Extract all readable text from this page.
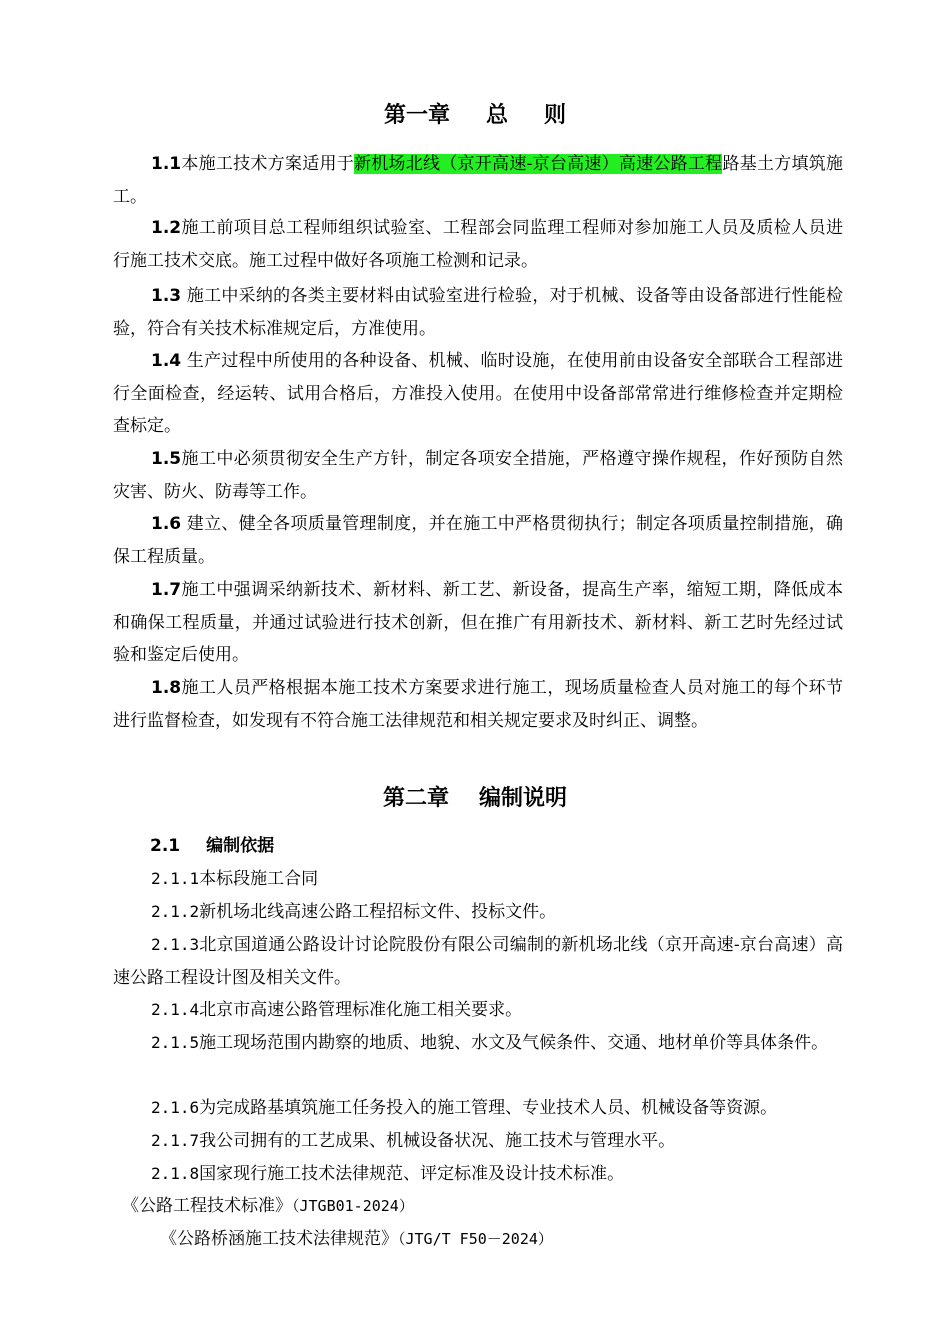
第一章 总 则
1.1本施工技术方案适用于新机场北线（京开高速-京台高速）高速公路工程路基土方填筑施工。
1.2施工前项目总工程师组织试验室、工程部会同监理工程师对参加施工人员及质检人员进行施工技术交底。施工过程中做好各项施工检测和记录。
1.3 施工中采纳的各类主要材料由试验室进行检验，对于机械、设备等由设备部进行性能检验，符合有关技术标准规定后，方准使用。
1.4 生产过程中所使用的各种设备、机械、临时设施，在使用前由设备安全部联合工程部进行全面检查，经运转、试用合格后，方准投入使用。在使用中设备部常常进行维修检查并定期检查标定。
1.5施工中必须贯彻安全生产方针，制定各项安全措施，严格遵守操作规程，作好预防自然灾害、防火、防毒等工作。
1.6 建立、健全各项质量管理制度，并在施工中严格贯彻执行；制定各项质量控制措施，确保工程质量。
1.7施工中强调采纳新技术、新材料、新工艺、新设备，提高生产率，缩短工期，降低成本和确保工程质量，并通过试验进行技术创新，但在推广有用新技术、新材料、新工艺时先经过试验和鉴定后使用。
1.8施工人员严格根据本施工技术方案要求进行施工，现场质量检查人员对施工的每个环节进行监督检查，如发现有不符合施工法律规范和相关规定要求及时纠正、调整。
第二章 编制说明
2.1 编制依据
2.1.1本标段施工合同
2.1.2新机场北线高速公路工程招标文件、投标文件。
2.1.3北京国道通公路设计讨论院股份有限公司编制的新机场北线（京开高速-京台高速）高速公路工程设计图及相关文件。
2.1.4北京市高速公路管理标准化施工相关要求。
2.1.5施工现场范围内勘察的地质、地貌、水文及气候条件、交通、地材单价等具体条件。
2.1.6为完成路基填筑施工任务投入的施工管理、专业技术人员、机械设备等资源。
2.1.7我公司拥有的工艺成果、机械设备状况、施工技术与管理水平。
2.1.8国家现行施工技术法律规范、评定标准及设计技术标准。
《公路工程技术标准》（JTGB01-2024）
《公路桥涵施工技术法律规范》（JTG/T F50－2024）
